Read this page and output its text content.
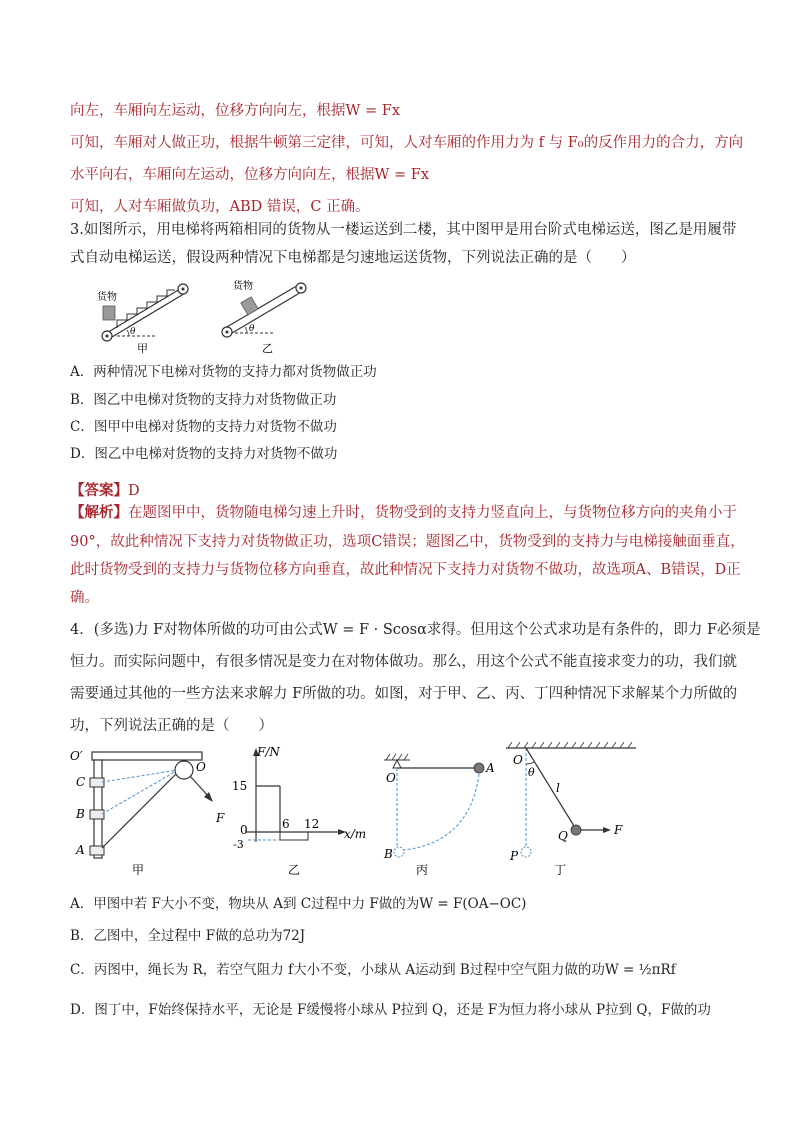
向左，车厢向左运动，位移方向向左，根据W = Fx
可知，车厢对人做正功，根据牛顿第三定律，可知，人对车厢的作用力为 f 与 F₀的反作用力的合力，方向
水平向右，车厢向左运动，位移方向向左，根据W = Fx
可知，人对车厢做负功，ABD 错误，C 正确。
3.如图所示，用电梯将两箱相同的货物从一楼运送到二楼，其中图甲是用台阶式电梯运送，图乙是用履带
式自动电梯运送，假设两种情况下电梯都是匀速地运送货物，下列说法正确的是（　　）
货物
θ
甲
货物
θ
乙
A．两种情况下电梯对货物的支持力都对货物做正功
B．图乙中电梯对货物的支持力对货物做正功
C．图甲中电梯对货物的支持力对货物不做功
D．图乙中电梯对货物的支持力对货物不做功
【答案】D
【解析】在题图甲中，货物随电梯匀速上升时，货物受到的支持力竖直向上，与货物位移方向的夹角小于
90°，故此种情况下支持力对货物做正功，选项C错误；题图乙中，货物受到的支持力与电梯接触面垂直，
此时货物受到的支持力与货物位移方向垂直，故此种情况下支持力对货物不做功，故选项A、B错误，D正
确。
4．(多选)力 F对物体所做的功可由公式W = F · Scosα求得。但用这个公式求功是有条件的，即力 F必须是
恒力。而实际问题中，有很多情况是变力在对物体做功。那么，用这个公式不能直接求变力的功，我们就
需要通过其他的一些方法来求解力 F所做的功。如图，对于甲、乙、丙、丁四种情况下求解某个力所做的
功，下列说法正确的是（　　）
O′
O
C
B
A
F
甲
F/N
15
0
-3
6 12
x/m
乙
O
A
B
丙
O
θ
l
Q	F
P
丁
A．甲图中若 F大小不变，物块从 A到 C过程中力 F做的为W = F(OA−OC)
B．乙图中，全过程中 F做的总功为72J
C．丙图中，绳长为 R，若空气阻力 f大小不变，小球从 A运动到 B过程中空气阻力做的功W = ½πRf
D．图丁中，F始终保持水平，无论是 F缓慢将小球从 P拉到 Q，还是 F为恒力将小球从 P拉到 Q，F做的功
